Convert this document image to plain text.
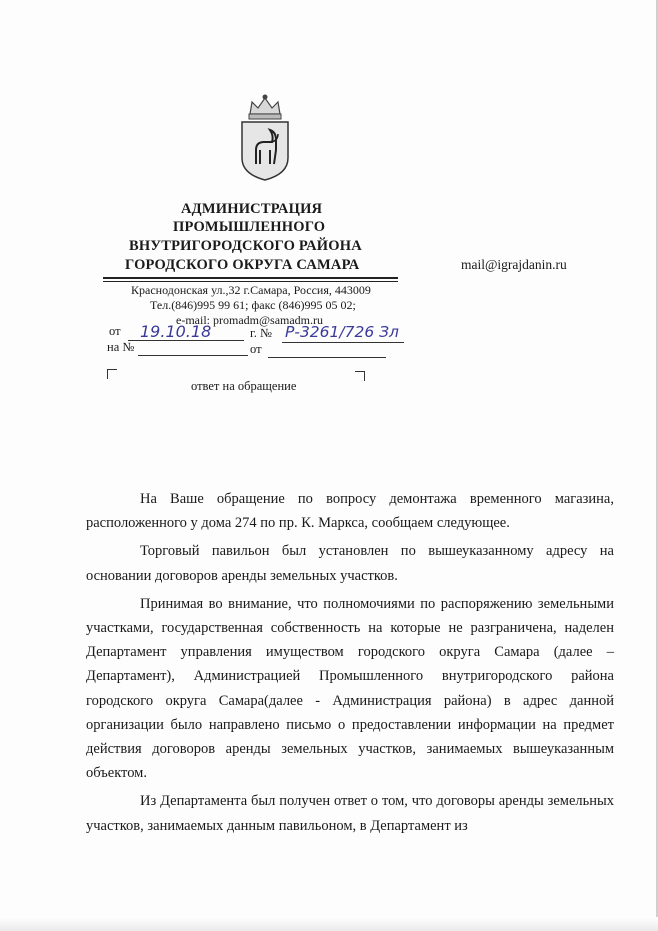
АДМИНИСТРАЦИЯ
ПРОМЫШЛЕННОГО
ВНУТРИГОРОДСКОГО РАЙОНА
ГОРОДСКОГО ОКРУГА САМАРА
Краснодонская ул.,32 г.Самара, Россия, 443009
Тел.(846)995 99 61; факс (846)995 05 02;
e-mail: promadm@samadm.ru
mail@igrajdanin.ru
от 19.10.18	г. № Р-3261/726 Зл
на №	от
ответ на обращение

На Ваше обращение по вопросу демонтажа временного магазина, расположенного у дома 274 по пр. К. Маркса, сообщаем следующее.

Торговый павильон был установлен по вышеуказанному адресу на основании договоров аренды земельных участков.

Принимая во внимание, что полномочиями по распоряжению земельными участками, государственная собственность на которые не разграничена, наделен Департамент управления имуществом городского округа Самара (далее – Департамент), Администрацией Промышленного внутригородского района городского округа Самара(далее - Администрация района) в адрес данной организации было направлено письмо о предоставлении информации на предмет действия договоров аренды земельных участков, занимаемых вышеуказанным объектом.

Из Департамента был получен ответ о том, что договоры аренды земельных участков, занимаемых данным павильоном, в Департамент из
